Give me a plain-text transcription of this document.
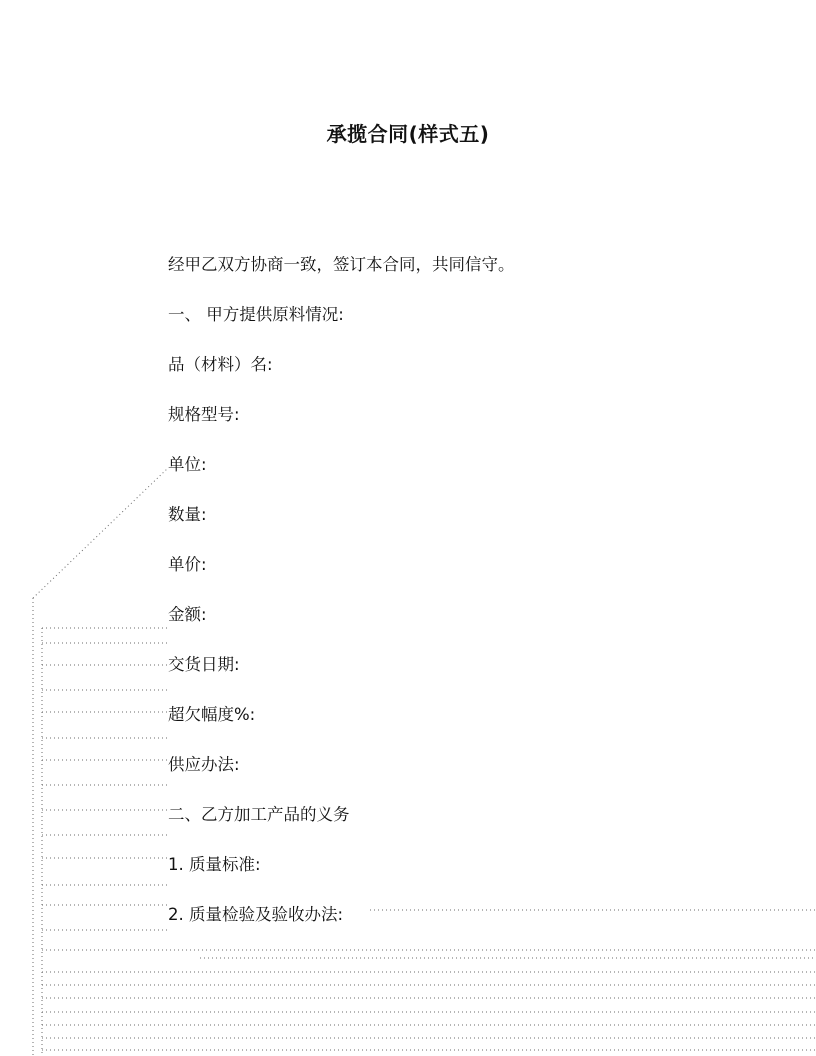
承揽合同(样式五)
经甲乙双方协商一致，签订本合同，共同信守。
一、 甲方提供原料情况:
品（材料）名:
规格型号:
单位:
数量:
单价:
金额:
交货日期:
超欠幅度%:
供应办法:
二、乙方加工产品的义务
1. 质量标准:
2. 质量检验及验收办法:
